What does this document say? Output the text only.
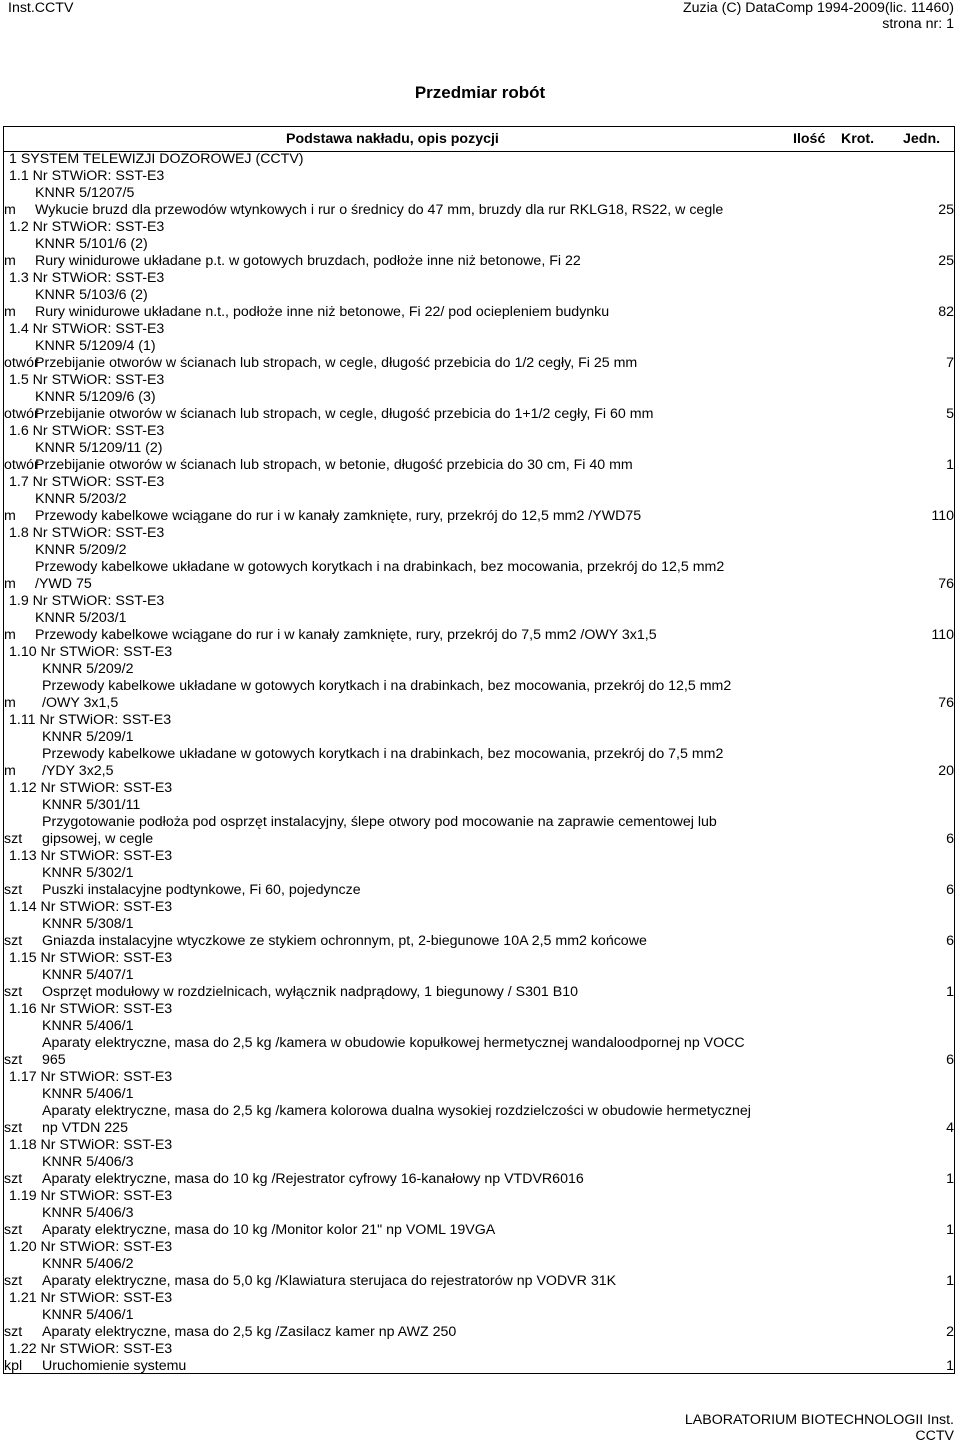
Inst.CCTV	Zuzia (C) DataComp 1994-2009(lic. 11460)
strona nr: 1
Przedmiar robót
Podstawa nakładu, opis pozycji	Ilość Krot. Jedn.
1 SYSTEM TELEWIZJI DOZOROWEJ (CCTV)
1.1 Nr STWiOR: SST-E3
KNNR 5/1207/5
Wykucie bruzd dla przewodów wtynkowych i rur o średnicy do 47 mm, bruzdy dla rur RKLG18, RS22, w cegle	25
m
1.2 Nr STWiOR: SST-E3
KNNR 5/101/6 (2)
Rury winidurowe układane p.t. w gotowych bruzdach, podłoże inne niż betonowe, Fi 22	25
m
1.3 Nr STWiOR: SST-E3
KNNR 5/103/6 (2)
Rury winidurowe układane n.t., podłoże inne niż betonowe, Fi 22/ pod ociepleniem budynku	82
m
1.4 Nr STWiOR: SST-E3
KNNR 5/1209/4 (1)
Przebijanie otworów w ścianach lub stropach, w cegle, długość przebicia do 1/2 cegły, Fi 25 mm	7
otwór
1.5 Nr STWiOR: SST-E3
KNNR 5/1209/6 (3)
Przebijanie otworów w ścianach lub stropach, w cegle, długość przebicia do 1+1/2 cegły, Fi 60 mm	5
otwór
1.6 Nr STWiOR: SST-E3
KNNR 5/1209/11 (2)
Przebijanie otworów w ścianach lub stropach, w betonie, długość przebicia do 30 cm, Fi 40 mm	1
otwór
1.7 Nr STWiOR: SST-E3
KNNR 5/203/2
Przewody kabelkowe wciągane do rur i w kanały zamknięte, rury, przekrój do 12,5 mm2 /YWD75	110
m
1.8 Nr STWiOR: SST-E3
KNNR 5/209/2
Przewody kabelkowe układane w gotowych korytkach i na drabinkach, bez mocowania, przekrój do 12,5 mm2
/YWD 75	76
m
1.9 Nr STWiOR: SST-E3
KNNR 5/203/1
Przewody kabelkowe wciągane do rur i w kanały zamknięte, rury, przekrój do 7,5 mm2 /OWY 3x1,5	110
m
1.10 Nr STWiOR: SST-E3
KNNR 5/209/2
Przewody kabelkowe układane w gotowych korytkach i na drabinkach, bez mocowania, przekrój do 12,5 mm2
/OWY 3x1,5	76
m
1.11 Nr STWiOR: SST-E3
KNNR 5/209/1
Przewody kabelkowe układane w gotowych korytkach i na drabinkach, bez mocowania, przekrój do 7,5 mm2
/YDY 3x2,5	20
m
1.12 Nr STWiOR: SST-E3
KNNR 5/301/11
Przygotowanie podłoża pod osprzęt instalacyjny, ślepe otwory pod mocowanie na zaprawie cementowej lub
gipsowej, w cegle	6
szt
1.13 Nr STWiOR: SST-E3
KNNR 5/302/1
Puszki instalacyjne podtynkowe, Fi 60, pojedyncze	6
szt
1.14 Nr STWiOR: SST-E3
KNNR 5/308/1
Gniazda instalacyjne wtyczkowe ze stykiem ochronnym, pt, 2-biegunowe 10A 2,5 mm2 końcowe	6
szt
1.15 Nr STWiOR: SST-E3
KNNR 5/407/1
Osprzęt modułowy w rozdzielnicach, wyłącznik nadprądowy, 1 biegunowy / S301 B10	1
szt
1.16 Nr STWiOR: SST-E3
KNNR 5/406/1
Aparaty elektryczne, masa do 2,5 kg /kamera w obudowie kopułkowej hermetycznej wandaloodpornej np VOCC
965	6
szt
1.17 Nr STWiOR: SST-E3
KNNR 5/406/1
Aparaty elektryczne, masa do 2,5 kg /kamera kolorowa dualna wysokiej rozdzielczości w obudowie hermetycznej
np VTDN 225	4
szt
1.18 Nr STWiOR: SST-E3
KNNR 5/406/3
Aparaty elektryczne, masa do 10 kg /Rejestrator cyfrowy 16-kanałowy np VTDVR6016	1
szt
1.19 Nr STWiOR: SST-E3
KNNR 5/406/3
Aparaty elektryczne, masa do 10 kg /Monitor kolor 21" np VOML 19VGA	1
szt
1.20 Nr STWiOR: SST-E3
KNNR 5/406/2
Aparaty elektryczne, masa do 5,0 kg /Klawiatura sterujaca do rejestratorów np VODVR 31K	1
szt
1.21 Nr STWiOR: SST-E3
KNNR 5/406/1
Aparaty elektryczne, masa do 2,5 kg /Zasilacz kamer np AWZ 250	2
szt
1.22 Nr STWiOR: SST-E3
Uruchomienie systemu	1
kpl
LABORATORIUM BIOTECHNOLOGII Inst.
CCTV
